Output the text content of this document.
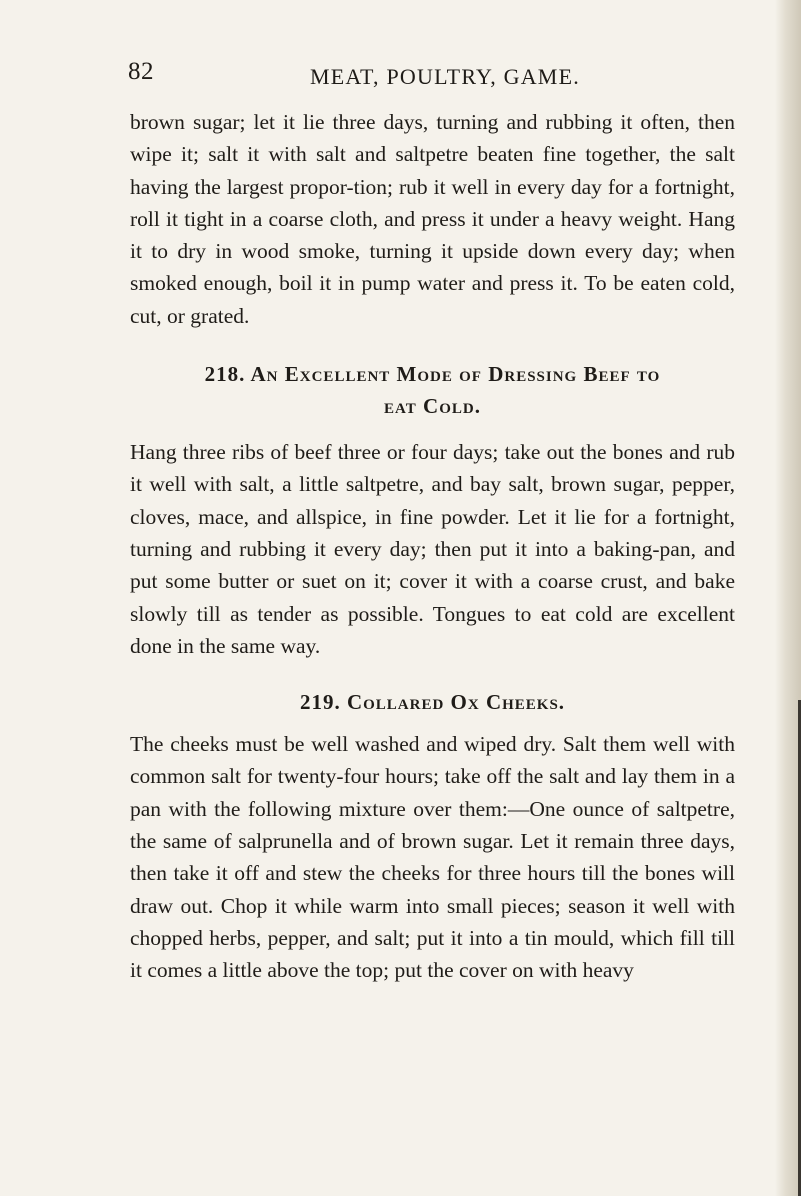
82	MEAT, POULTRY, GAME.

brown sugar; let it lie three days, turning and rubbing it often, then wipe it; salt it with salt and saltpetre beaten fine together, the salt having the largest propor-tion; rub it well in every day for a fortnight, roll it tight in a coarse cloth, and press it under a heavy weight. Hang it to dry in wood smoke, turning it upside down every day; when smoked enough, boil it in pump water and press it. To be eaten cold, cut, or grated.

218. An Excellent Mode of Dressing Beef to
eat Cold.

Hang three ribs of beef three or four days; take out the bones and rub it well with salt, a little saltpetre, and bay salt, brown sugar, pepper, cloves, mace, and allspice, in fine powder. Let it lie for a fortnight, turning and rubbing it every day; then put it into a baking-pan, and put some butter or suet on it; cover it with a coarse crust, and bake slowly till as tender as possible. Tongues to eat cold are excellent done in the same way.

219. Collared Ox Cheeks.

The cheeks must be well washed and wiped dry. Salt them well with common salt for twenty-four hours; take off the salt and lay them in a pan with the following mixture over them:—One ounce of saltpetre, the same of salprunella and of brown sugar. Let it remain three days, then take it off and stew the cheeks for three hours till the bones will draw out. Chop it while warm into small pieces; season it well with chopped herbs, pepper, and salt; put it into a tin mould, which fill till it comes a little above the top; put the cover on with heavy
